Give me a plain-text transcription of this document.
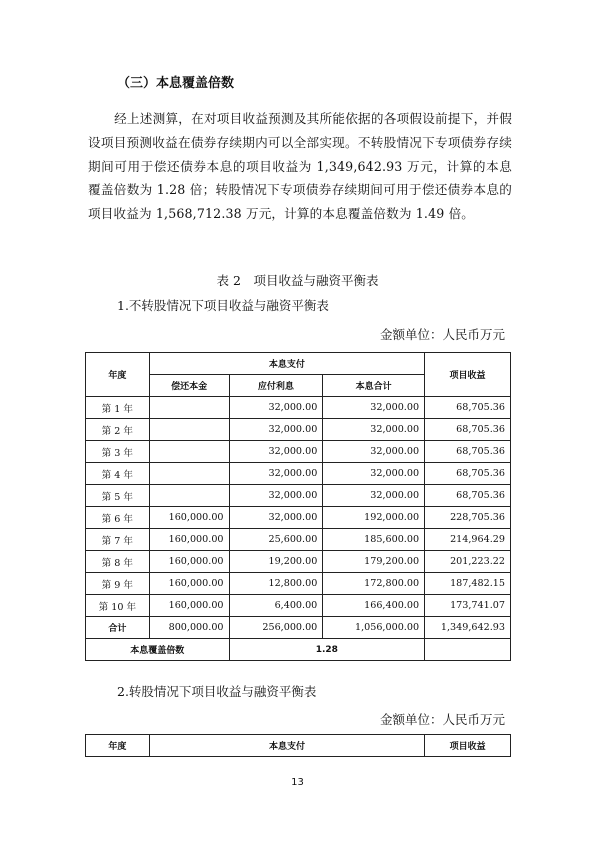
（三）本息覆盖倍数
经上述测算，在对项目收益预测及其所能依据的各项假设前提下，并假设项目预测收益在债券存续期内可以全部实现。不转股情况下专项债券存续期间可用于偿还债券本息的项目收益为 1,349,642.93 万元，计算的本息覆盖倍数为 1.28 倍；转股情况下专项债券存续期间可用于偿还债券本息的项目收益为 1,568,712.38 万元，计算的本息覆盖倍数为 1.49 倍。
表 2　项目收益与融资平衡表
1.不转股情况下项目收益与融资平衡表
金额单位：人民币万元
年度	本息支付			项目收益
	偿还本金	应付利息	本息合计	
第 1 年		32,000.00	32,000.00	68,705.36
第 2 年		32,000.00	32,000.00	68,705.36
第 3 年		32,000.00	32,000.00	68,705.36
第 4 年		32,000.00	32,000.00	68,705.36
第 5 年		32,000.00	32,000.00	68,705.36
第 6 年	160,000.00	32,000.00	192,000.00	228,705.36
第 7 年	160,000.00	25,600.00	185,600.00	214,964.29
第 8 年	160,000.00	19,200.00	179,200.00	201,223.22
第 9 年	160,000.00	12,800.00	172,800.00	187,482.15
第 10 年	160,000.00	6,400.00	166,400.00	173,741.07
合计	800,000.00	256,000.00	1,056,000.00	1,349,642.93
本息覆盖倍数		1.28		
2.转股情况下项目收益与融资平衡表
金额单位：人民币万元
年度	本息支付	项目收益
13
